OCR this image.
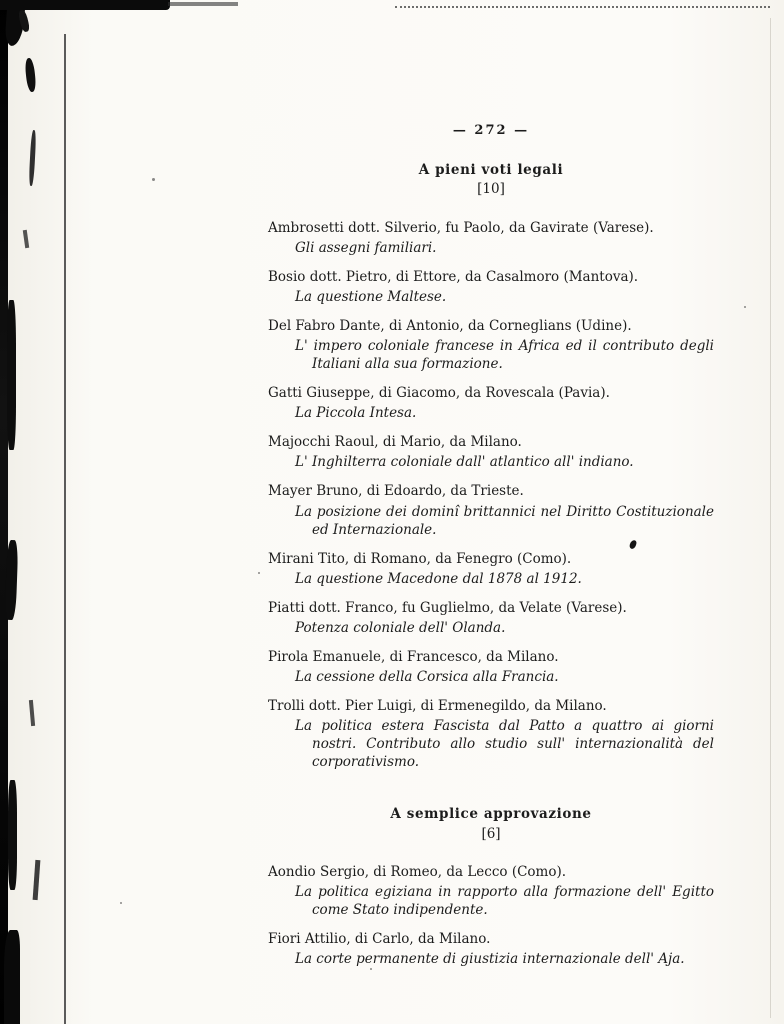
— 272 —
A pieni voti legali
[10]
Ambrosetti dott. Silverio, fu Paolo, da Gavirate (Varese).
Gli assegni familiari.
Bosio dott. Pietro, di Ettore, da Casalmoro (Mantova).
La questione Maltese.
Del Fabro Dante, di Antonio, da Corneglians (Udine).
L' impero coloniale francese in Africa ed il contributo degli Italiani alla sua formazione.
Gatti Giuseppe, di Giacomo, da Rovescala (Pavia).
La Piccola Intesa.
Majocchi Raoul, di Mario, da Milano.
L' Inghilterra coloniale dall' atlantico all' indiano.
Mayer Bruno, di Edoardo, da Trieste.
La posizione dei dominî brittannici nel Diritto Costituzionale ed Internazionale.
Mirani Tito, di Romano, da Fenegro (Como).
La questione Macedone dal 1878 al 1912.
Piatti dott. Franco, fu Guglielmo, da Velate (Varese).
Potenza coloniale dell' Olanda.
Pirola Emanuele, di Francesco, da Milano.
La cessione della Corsica alla Francia.
Trolli dott. Pier Luigi, di Ermenegildo, da Milano.
La politica estera Fascista dal Patto a quattro ai giorni nostri. Contributo allo studio sull' internazionalità del corporativismo.
A semplice approvazione
[6]
Aondio Sergio, di Romeo, da Lecco (Como).
La politica egiziana in rapporto alla formazione dell' Egitto come Stato indipendente.
Fiori Attilio, di Carlo, da Milano.
La corte permanente di giustizia internazionale dell' Aja.
